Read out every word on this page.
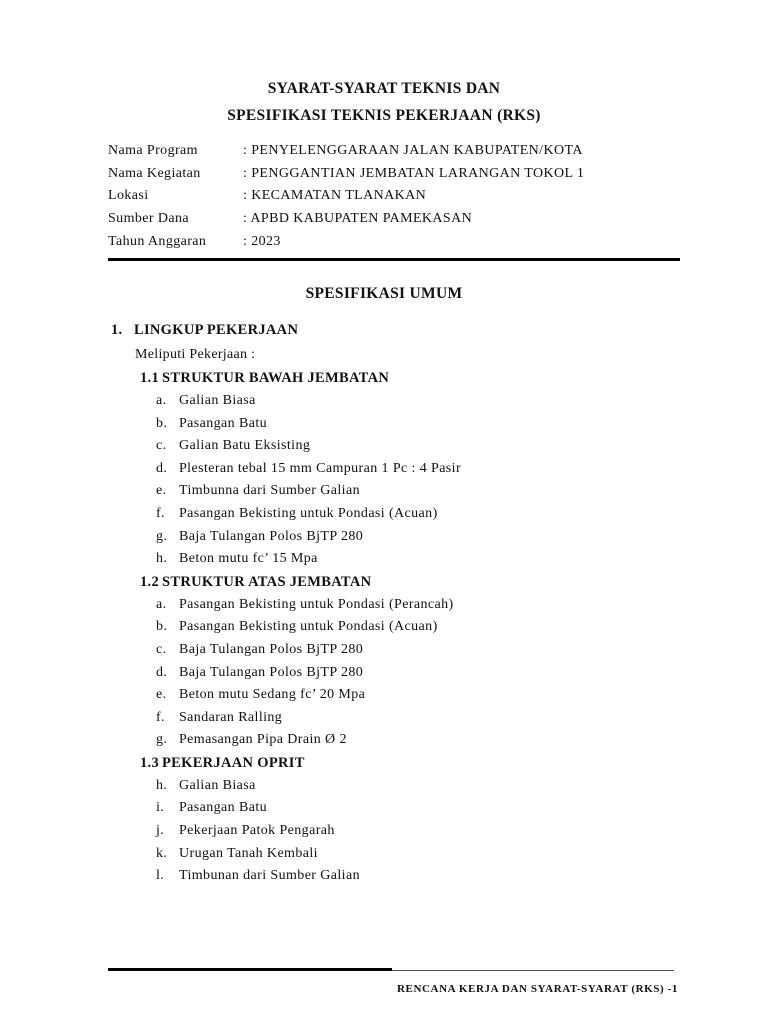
SYARAT-SYARAT TEKNIS DAN
SPESIFIKASI TEKNIS PEKERJAAN (RKS)
Nama Program	: PENYELENGGARAAN JALAN KABUPATEN/KOTA
Nama Kegiatan	: PENGGANTIAN JEMBATAN LARANGAN TOKOL 1
Lokasi	: KECAMATAN TLANAKAN
Sumber Dana	: APBD KABUPATEN PAMEKASAN
Tahun Anggaran	: 2023
SPESIFIKASI UMUM
1. LINGKUP PEKERJAAN
Meliputi Pekerjaan :
1.1 STRUKTUR BAWAH JEMBATAN
a. Galian Biasa
b. Pasangan Batu
c. Galian Batu Eksisting
d. Plesteran tebal 15 mm Campuran 1 Pc : 4 Pasir
e. Timbunna dari Sumber Galian
f. Pasangan Bekisting untuk Pondasi (Acuan)
g. Baja Tulangan Polos BjTP 280
h. Beton mutu fc’ 15 Mpa
1.2 STRUKTUR ATAS JEMBATAN
a. Pasangan Bekisting untuk Pondasi (Perancah)
b. Pasangan Bekisting untuk Pondasi (Acuan)
c. Baja Tulangan Polos BjTP 280
d. Baja Tulangan Polos BjTP 280
e. Beton mutu Sedang fc’ 20 Mpa
f. Sandaran Ralling
g. Pemasangan Pipa Drain Ø 2
1.3 PEKERJAAN OPRIT
h. Galian Biasa
i. Pasangan Batu
j. Pekerjaan Patok Pengarah
k. Urugan Tanah Kembali
l. Timbunan dari Sumber Galian
RENCANA KERJA DAN SYARAT-SYARAT (RKS) -1
